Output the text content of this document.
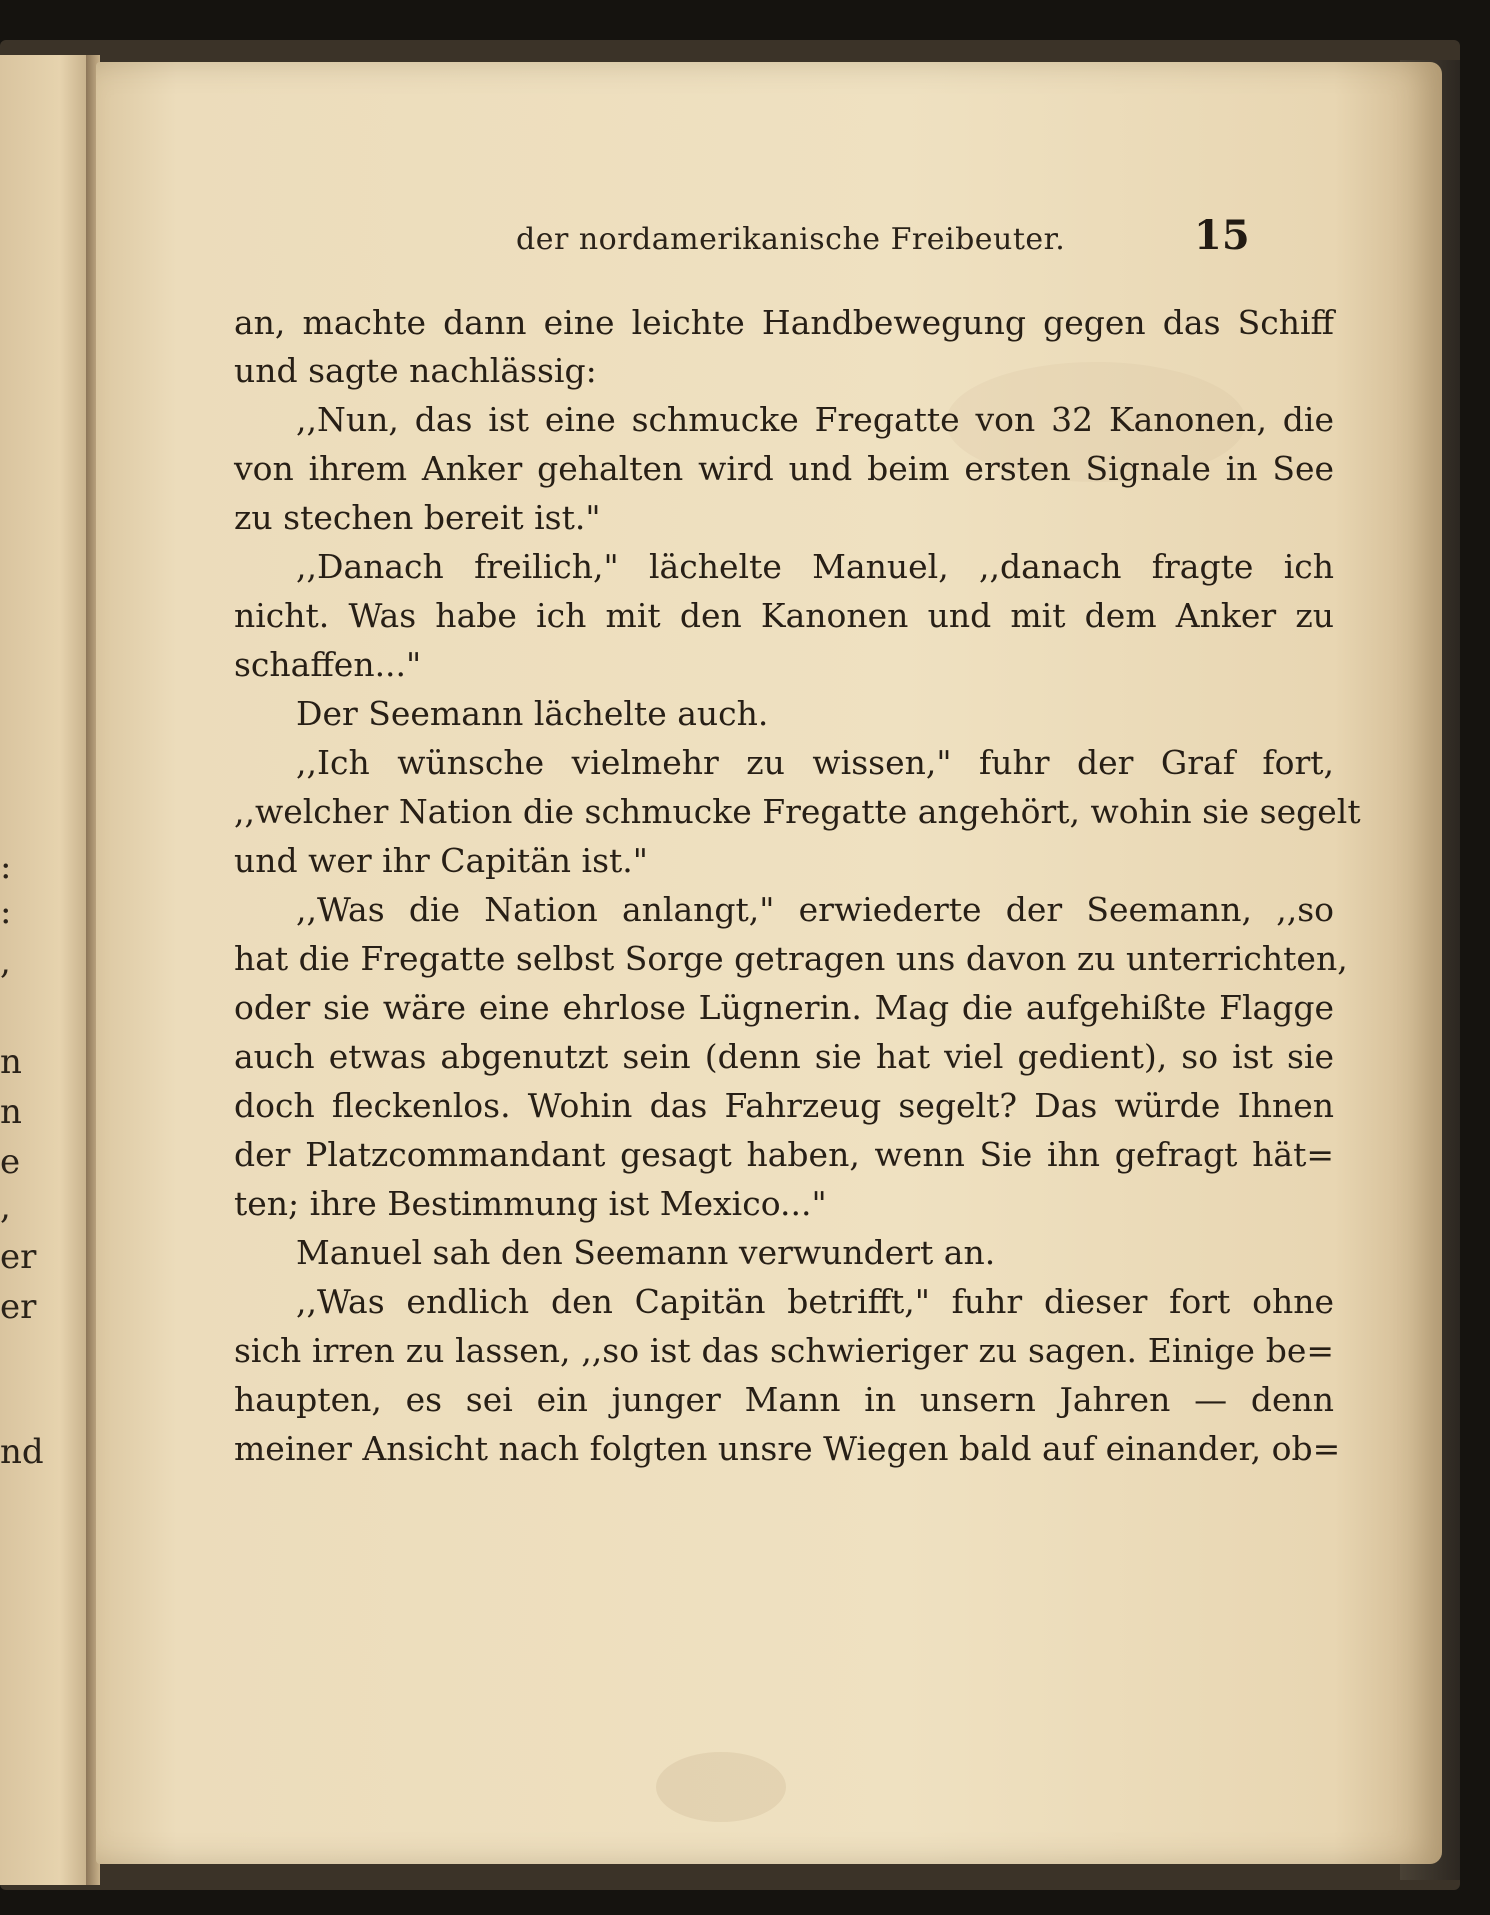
:
:
,
n
n
e
,
er
er
nd
der nordamerikanische Freibeuter.	15
an, machte dann eine leichte Handbewegung gegen das Schiff
und sagte nachlässig:
,,Nun, das ist eine schmucke Fregatte von 32 Kanonen, die
von ihrem Anker gehalten wird und beim ersten Signale in See
zu stechen bereit ist."
,,Danach freilich," lächelte Manuel, ,,danach fragte ich
nicht. Was habe ich mit den Kanonen und mit dem Anker zu
schaffen..."
Der Seemann lächelte auch.
,,Ich wünsche vielmehr zu wissen," fuhr der Graf fort,
,,welcher Nation die schmucke Fregatte angehört, wohin sie segelt
und wer ihr Capitän ist."
,,Was die Nation anlangt," erwiederte der Seemann, ,,so
hat die Fregatte selbst Sorge getragen uns davon zu unterrichten,
oder sie wäre eine ehrlose Lügnerin. Mag die aufgehißte Flagge
auch etwas abgenutzt sein (denn sie hat viel gedient), so ist sie
doch fleckenlos. Wohin das Fahrzeug segelt? Das würde Ihnen
der Platzcommandant gesagt haben, wenn Sie ihn gefragt hät=
ten; ihre Bestimmung ist Mexico..."
Manuel sah den Seemann verwundert an.
,,Was endlich den Capitän betrifft," fuhr dieser fort ohne
sich irren zu lassen, ,,so ist das schwieriger zu sagen. Einige be=
haupten, es sei ein junger Mann in unsern Jahren — denn
meiner Ansicht nach folgten unsre Wiegen bald auf einander, ob=
